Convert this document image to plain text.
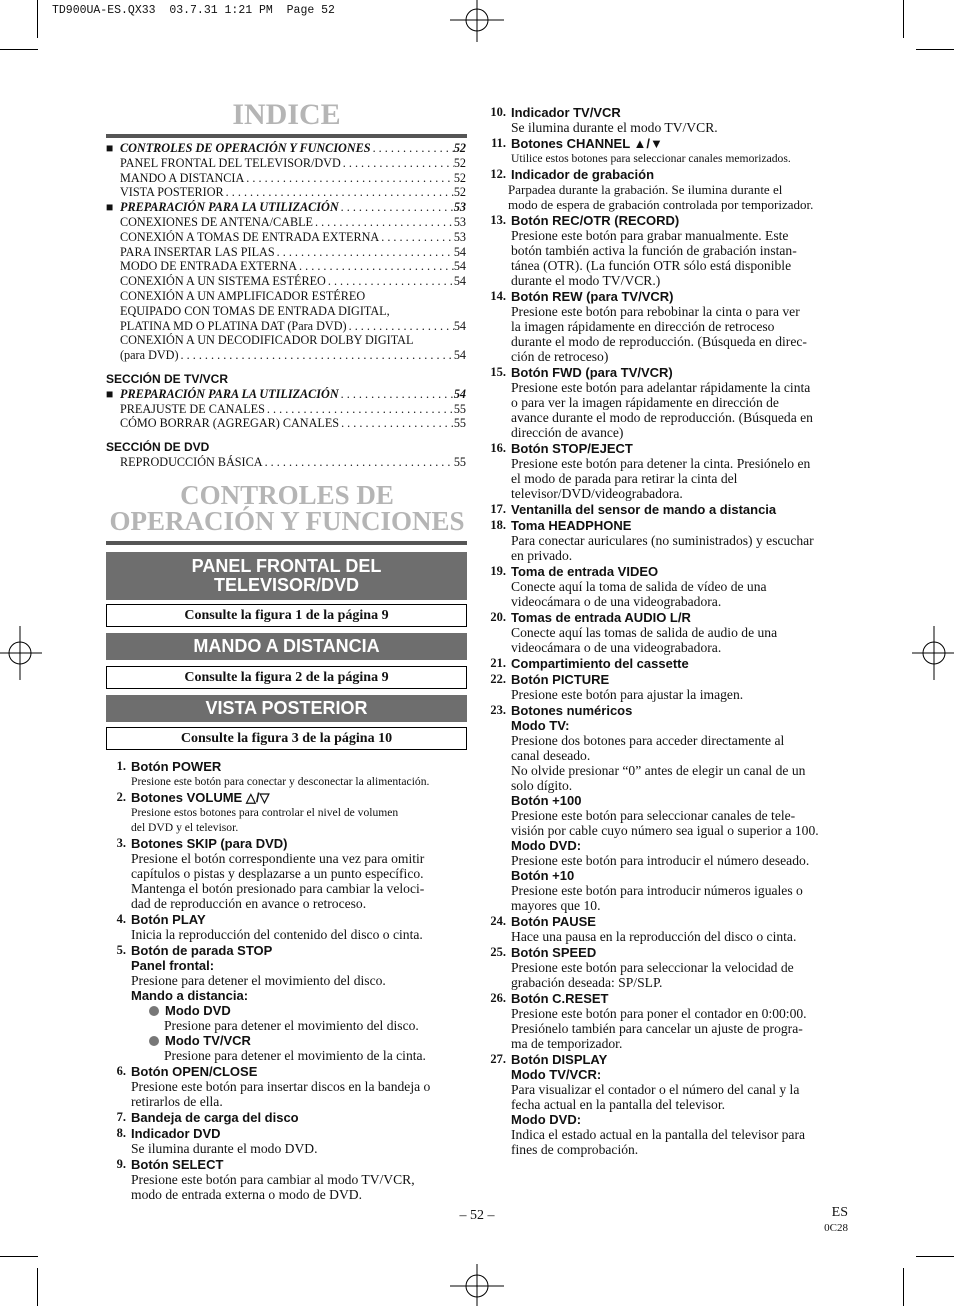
TD900UA-ES.QX33  03.7.31 1:21 PM  Page 52
INDICE
■ CONTROLES DE OPERACIÓN Y FUNCIONES . . .	52
PANEL FRONTAL DEL TELEVISOR/DVD . . .	52
MANDO A DISTANCIA . . .	52
VISTA POSTERIOR . . .	52
■ PREPARACIÓN PARA LA UTILIZACIÓN . . .	53
CONEXIONES DE ANTENA/CABLE . . .	53
CONEXIÓN A TOMAS DE ENTRADA EXTERNA . . .	53
PARA INSERTAR LAS PILAS . . .	54
MODO DE ENTRADA EXTERNA . . .	54
CONEXIÓN A UN SISTEMA ESTÉREO . . .	54
CONEXIÓN A UN AMPLIFICADOR ESTÉREO
EQUIPADO CON TOMAS DE ENTRADA DIGITAL,
PLATINA MD O PLATINA DAT (Para DVD) . . .	54
CONEXIÓN A UN DECODIFICADOR DOLBY DIGITAL
(para DVD) . . .	54
SECCIÓN DE TV/VCR
■ PREPARACIÓN PARA LA UTILIZACIÓN . . .	54
PREAJUSTE DE CANALES . . .	55
CÓMO BORRAR (AGREGAR) CANALES . . .	55
SECCIÓN DE DVD
REPRODUCCIÓN BÁSICA . . .	55
CONTROLES DE
OPERACIÓN Y FUNCIONES
PANEL FRONTAL DEL
TELEVISOR/DVD
Consulte la figura 1 de la página 9
MANDO A DISTANCIA
Consulte la figura 2 de la página 9
VISTA POSTERIOR
Consulte la figura 3 de la página 10
1. Botón POWER
Presione este botón para conectar y desconectar la alimentación.
2. Botones VOLUME △/▽
Presione estos botones para controlar el nivel de volumen
del DVD y el televisor.
3. Botones SKIP (para DVD)
Presione el botón correspondiente una vez para omitir
capítulos o pistas y desplazarse a un punto específico.
Mantenga el botón presionado para cambiar la veloci-
dad de reproducción en avance o retroceso.
4. Botón PLAY
Inicia la reproducción del contenido del disco o cinta.
5. Botón de parada STOP
Panel frontal:
Presione para detener el movimiento del disco.
Mando a distancia:
Modo DVD
Presione para detener el movimiento del disco.
Modo TV/VCR
Presione para detener el movimiento de la cinta.
6. Botón OPEN/CLOSE
Presione este botón para insertar discos en la bandeja o
retirarlos de ella.
7. Bandeja de carga del disco
8. Indicador DVD
Se ilumina durante el modo DVD.
9. Botón SELECT
Presione este botón para cambiar al modo TV/VCR,
modo de entrada externa o modo de DVD.
10. Indicador TV/VCR
Se ilumina durante el modo TV/VCR.
11. Botones CHANNEL ▲/▼
Utilice estos botones para seleccionar canales memorizados.
12. Indicador de grabación
Parpadea durante la grabación. Se ilumina durante el
modo de espera de grabación controlada por temporizador.
13. Botón REC/OTR (RECORD)
Presione este botón para grabar manualmente. Este
botón también activa la función de grabación instan-
tánea (OTR). (La función OTR sólo está disponible
durante el modo TV/VCR.)
14. Botón REW (para TV/VCR)
Presione este botón para rebobinar la cinta o para ver
la imagen rápidamente en dirección de retroceso
durante el modo de reproducción. (Búsqueda en direc-
ción de retroceso)
15. Botón FWD (para TV/VCR)
Presione este botón para adelantar rápidamente la cinta
o para ver la imagen rápidamente en dirección de
avance durante el modo de reproducción. (Búsqueda en
dirección de avance)
16. Botón STOP/EJECT
Presione este botón para detener la cinta. Presiónelo en
el modo de parada para retirar la cinta del
televisor/DVD/videograbadora.
17. Ventanilla del sensor de mando a distancia
18. Toma HEADPHONE
Para conectar auriculares (no suministrados) y escuchar
en privado.
19. Toma de entrada VIDEO
Conecte aquí la toma de salida de vídeo de una
videocámara o de una videograbadora.
20. Tomas de entrada AUDIO L/R
Conecte aquí las tomas de salida de audio de una
videocámara o de una videograbadora.
21. Compartimiento del cassette
22. Botón PICTURE
Presione este botón para ajustar la imagen.
23. Botones numéricos
Modo TV:
Presione dos botones para acceder directamente al
canal deseado.
No olvide presionar “0” antes de elegir un canal de un
solo dígito.
Botón +100
Presione este botón para seleccionar canales de tele-
visión por cable cuyo número sea igual o superior a 100.
Modo DVD:
Presione este botón para introducir el número deseado.
Botón +10
Presione este botón para introducir números iguales o
mayores que 10.
24. Botón PAUSE
Hace una pausa en la reproducción del disco o cinta.
25. Botón SPEED
Presione este botón para seleccionar la velocidad de
grabación deseada: SP/SLP.
26. Botón C.RESET
Presione este botón para poner el contador en 0:00:00.
Presiónelo también para cancelar un ajuste de progra-
ma de temporizador.
27. Botón DISPLAY
Modo TV/VCR:
Para visualizar el contador o el número del canal y la
fecha actual en la pantalla del televisor.
Modo DVD:
Indica el estado actual en la pantalla del televisor para
fines de comprobación.
– 52 –	ES
0C28
